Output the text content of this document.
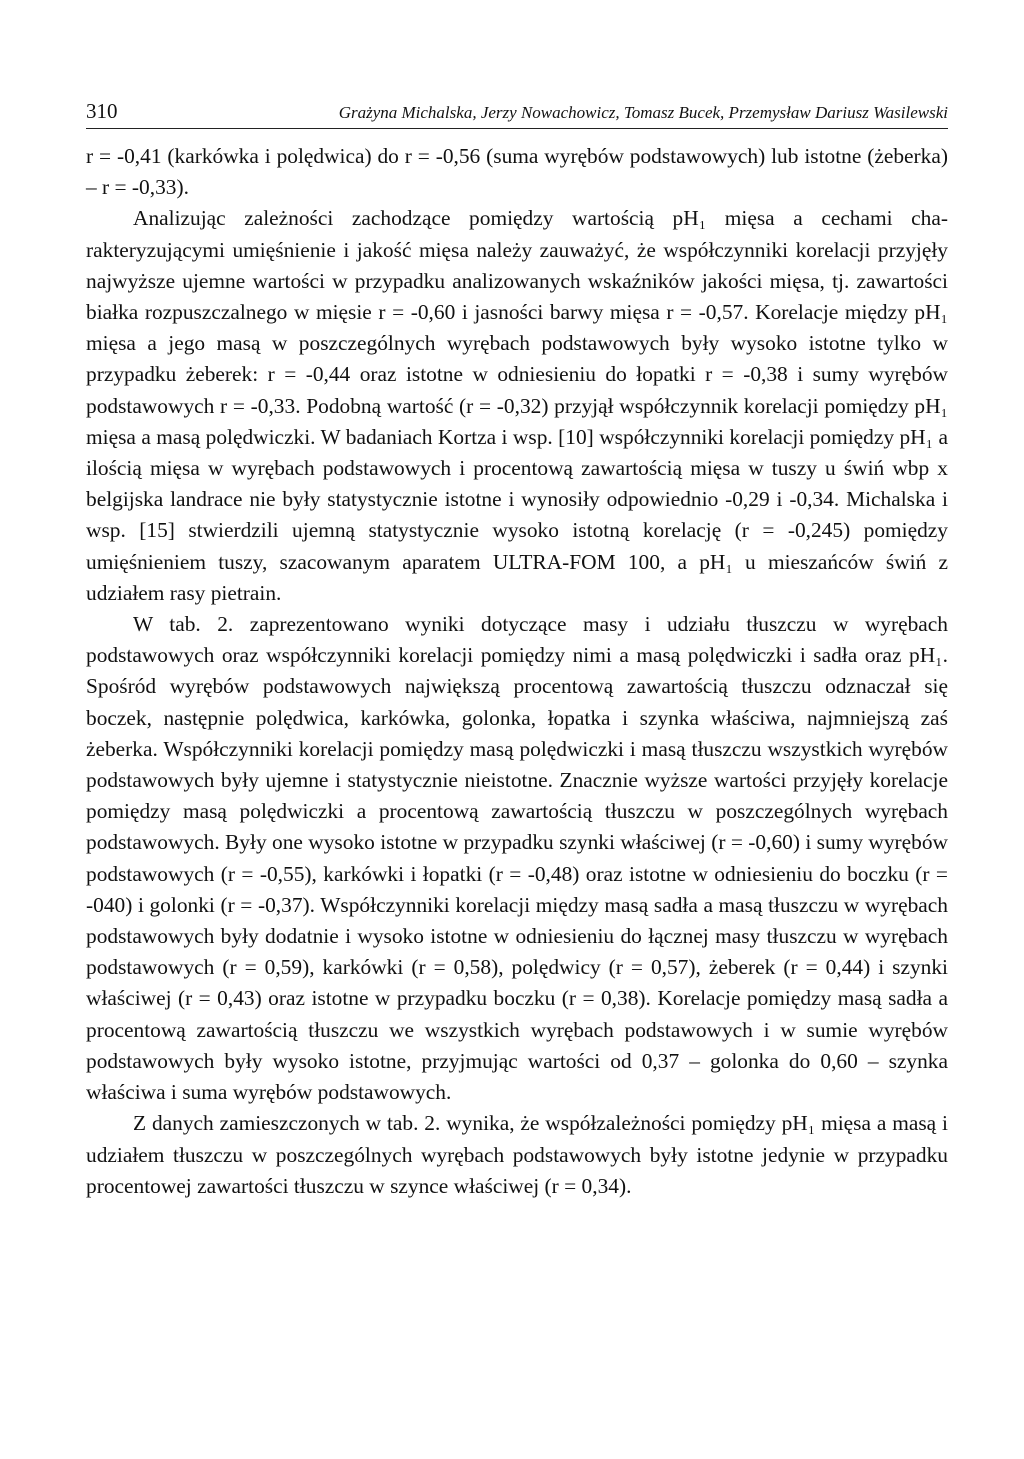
310	Grażyna Michalska, Jerzy Nowachowicz, Tomasz Bucek, Przemysław Dariusz Wasilewski

r = -0,41 (karkówka i polędwica) do r = -0,56 (suma wyrębów podstawowych) lub istotne (żeberka) – r = -0,33).

Analizując zależności zachodzące pomiędzy wartością pH₁ mięsa a cechami charakteryzującymi umięśnienie i jakość mięsa należy zauważyć, że współczynniki korelacji przyjęły najwyższe ujemne wartości w przypadku analizowanych wskaźników jakości mięsa, tj. zawartości białka rozpuszczalnego w mięsie r = -0,60 i jasności barwy mięsa r = -0,57. Korelacje między pH₁ mięsa a jego masą w poszczególnych wyrębach podstawowych były wysoko istotne tylko w przypadku żeberek: r = -0,44 oraz istotne w odniesieniu do łopatki r = -0,38 i sumy wyrębów podstawowych r = -0,33. Podobną wartość (r = -0,32) przyjął współczynnik korelacji pomiędzy pH₁ mięsa a masą polędwiczki. W badaniach Kortza i wsp. [10] współczynniki korelacji pomiędzy pH₁ a ilością mięsa w wyrębach podstawowych i procentową zawartością mięsa w tuszy u świń wbp x belgijska landrace nie były statystycznie istotne i wynosiły odpowiednio -0,29 i -0,34. Michalska i wsp. [15] stwierdzili ujemną statystycznie wysoko istotną korelację (r = -0,245) pomiędzy umięśnieniem tuszy, szacowanym aparatem ULTRA-FOM 100, a pH₁ u mieszańców świń z udziałem rasy pietrain.

W tab. 2. zaprezentowano wyniki dotyczące masy i udziału tłuszczu w wyrębach podstawowych oraz współczynniki korelacji pomiędzy nimi a masą polędwiczki i sadła oraz pH₁. Spośród wyrębów podstawowych największą procentową zawartością tłuszczu odznaczał się boczek, następnie polędwica, karkówka, golonka, łopatka i szynka właściwa, najmniejszą zaś żeberka. Współczynniki korelacji pomiędzy masą polędwiczki i masą tłuszczu wszystkich wyrębów podstawowych były ujemne i statystycznie nieistotne. Znacznie wyższe wartości przyjęły korelacje pomiędzy masą polędwiczki a procentową zawartością tłuszczu w poszczególnych wyrębach podstawowych. Były one wysoko istotne w przypadku szynki właściwej (r = -0,60) i sumy wyrębów podstawowych (r = -0,55), karkówki i łopatki (r = -0,48) oraz istotne w odniesieniu do boczku (r = -040) i golonki (r = -0,37). Współczynniki korelacji między masą sadła a masą tłuszczu w wyrębach podstawowych były dodatnie i wysoko istotne w odniesieniu do łącznej masy tłuszczu w wyrębach podstawowych (r = 0,59), karkówki (r = 0,58), polędwicy (r = 0,57), żeberek (r = 0,44) i szynki właściwej (r = 0,43) oraz istotne w przypadku boczku (r = 0,38). Korelacje pomiędzy masą sadła a procentową zawartością tłuszczu we wszystkich wyrębach podstawowych i w sumie wyrębów podstawowych były wysoko istotne, przyjmując wartości od 0,37 – golonka do 0,60 – szynka właściwa i suma wyrębów podstawowych.

Z danych zamieszczonych w tab. 2. wynika, że współzależności pomiędzy pH₁ mięsa a masą i udziałem tłuszczu w poszczególnych wyrębach podstawowych były istotne jedynie w przypadku procentowej zawartości tłuszczu w szynce właściwej (r = 0,34).
